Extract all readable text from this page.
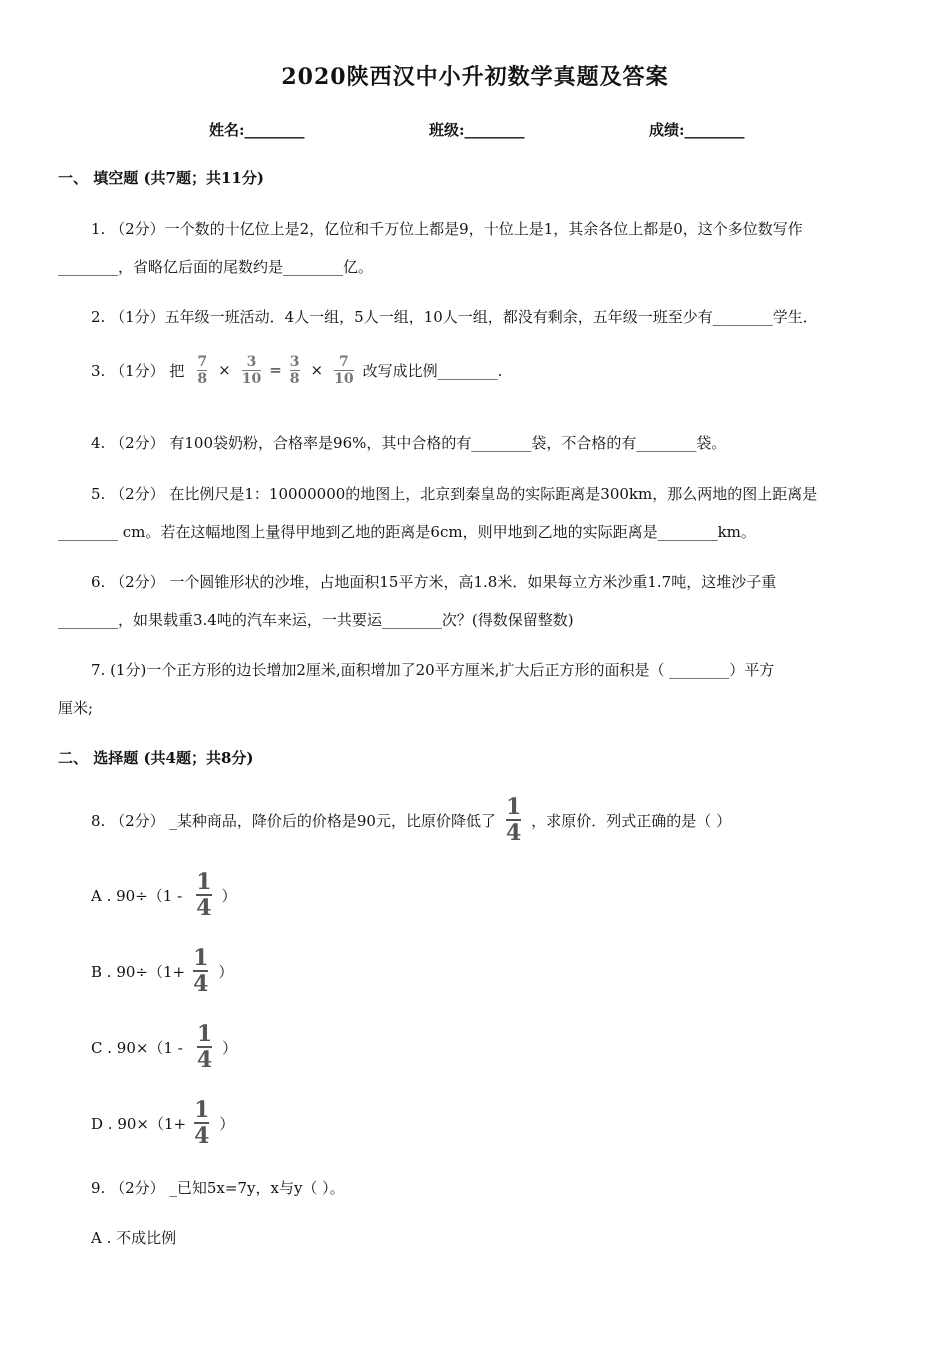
2020陕西汉中小升初数学真题及答案
姓名:________	班级:________	成绩:________
一、 填空题 (共7题；共11分)
1. （2分）一个数的十亿位上是2，亿位和千万位上都是9，十位上是1，其余各位上都是0，这个多位数写作
________，省略亿后面的尾数约是________亿。
2. （1分）五年级一班活动．4人一组，5人一组，10人一组，都没有剩余，五年级一班至少有________学生．
3. （1分） 把 $\frac{7}{8} \times \frac{3}{10} = \frac{3}{8} \times \frac{7}{10}$ 改写成比例________.
4. （2分） 有100袋奶粉，合格率是96%，其中合格的有________袋，不合格的有________袋。
5. （2分） 在比例尺是1：10000000的地图上，北京到秦皇岛的实际距离是300km，那么两地的图上距离是
________ cm。若在这幅地图上量得甲地到乙地的距离是6cm，则甲地到乙地的实际距离是________km。
6. （2分） 一个圆锥形状的沙堆，占地面积15平方米，高1.8米．如果每立方米沙重1.7吨，这堆沙子重
________，如果载重3.4吨的汽车来运，一共要运________次？(得数保留整数)
7. (1分)一个正方形的边长增加2厘米,面积增加了20平方厘米,扩大后正方形的面积是（ ________）平方
厘米;
二、 选择题 (共4题；共8分)
8. （2分） _某种商品，降价后的价格是90元，比原价降低了 $\frac{1}{4}$ ，求原价．列式正确的是（ ）
A . $90\div(1 - \frac{1}{4}$ ）
B . $90\div(1+ \frac{1}{4}$ ）
C . $90\times(1 - \frac{1}{4}$ ）
D . $90\times(1+ \frac{1}{4}$ ）
9. （2分） _已知5x=7y，x与y（ ）。
A . 不成比例
